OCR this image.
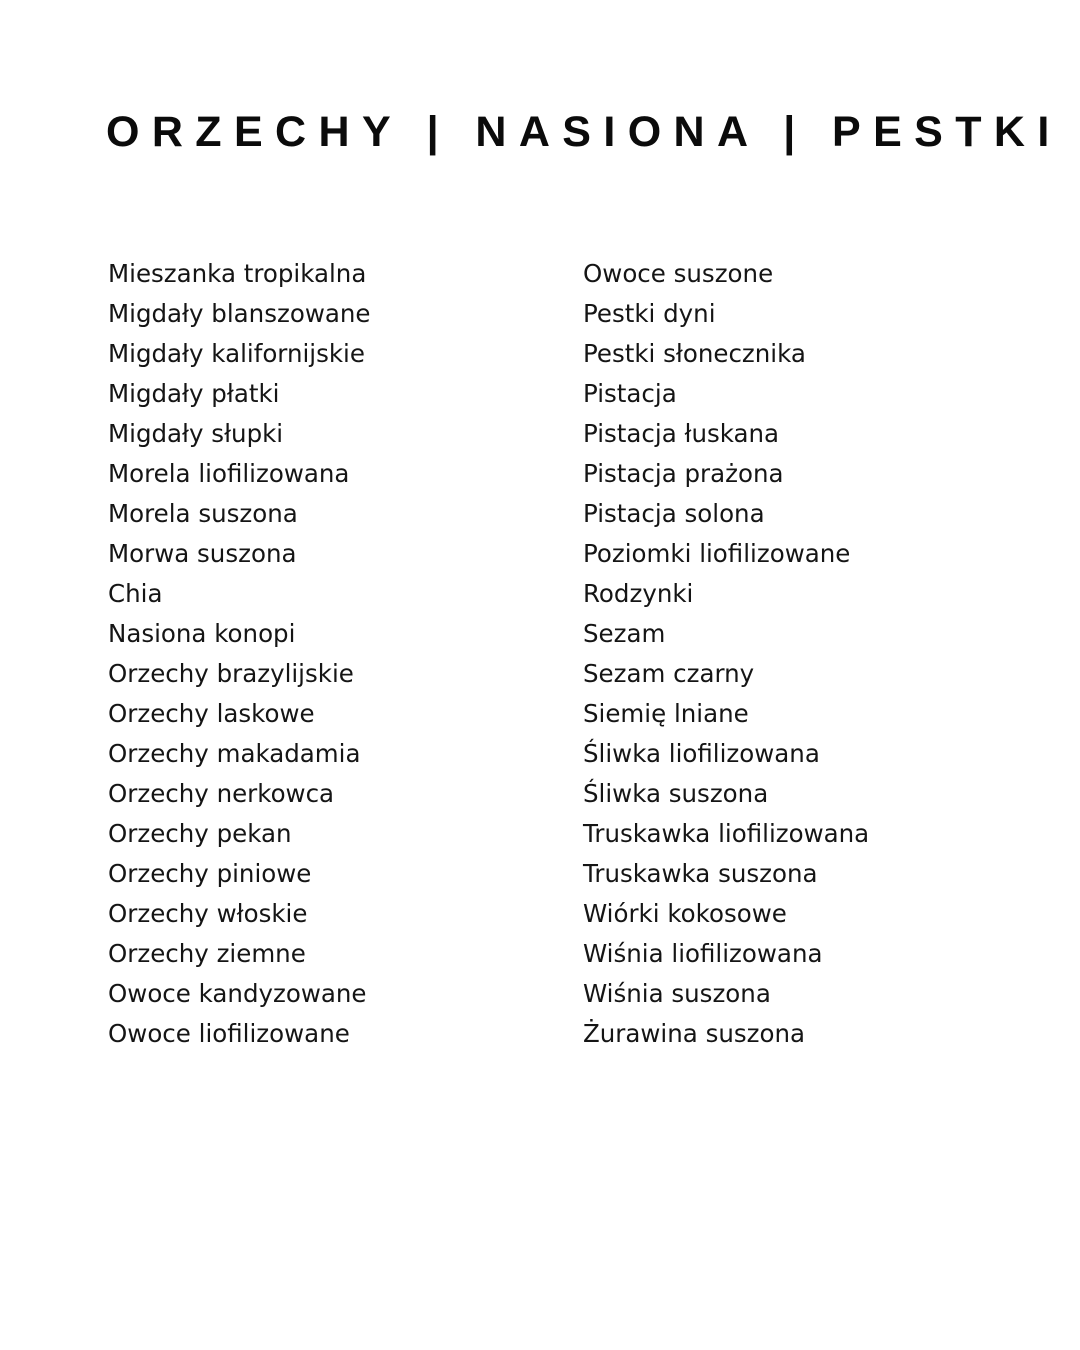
ORZECHY | NASIONA | PESTKI
Mieszanka tropikalna
Migdały blanszowane
Migdały kalifornijskie
Migdały płatki
Migdały słupki
Morela liofilizowana
Morela suszona
Morwa suszona
Chia
Nasiona konopi
Orzechy brazylijskie
Orzechy laskowe
Orzechy makadamia
Orzechy nerkowca
Orzechy pekan
Orzechy piniowe
Orzechy włoskie
Orzechy ziemne
Owoce kandyzowane
Owoce liofilizowane
Owoce suszone
Pestki dyni
Pestki słonecznika
Pistacja
Pistacja łuskana
Pistacja prażona
Pistacja solona
Poziomki liofilizowane
Rodzynki
Sezam
Sezam czarny
Siemię lniane
Śliwka liofilizowana
Śliwka suszona
Truskawka liofilizowana
Truskawka suszona
Wiórki kokosowe
Wiśnia liofilizowana
Wiśnia suszona
Żurawina suszona
